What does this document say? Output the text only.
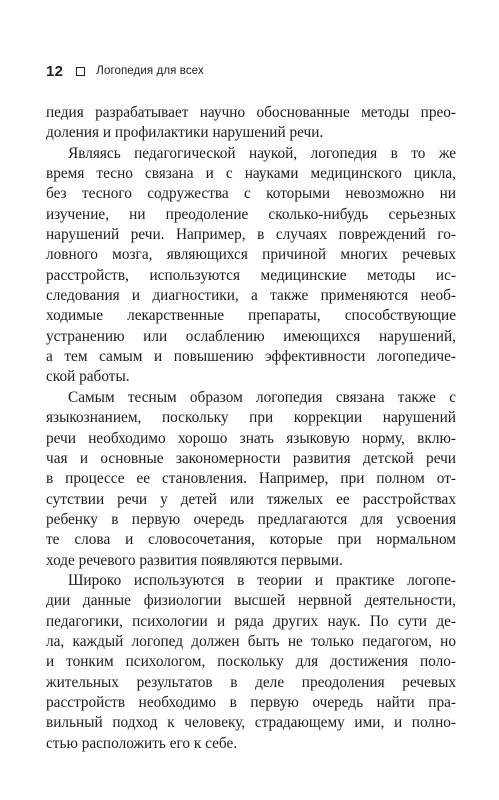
12	Логопедия для всех
педия разрабатывает научно обоснованные методы прео-
доления и профилактики нарушений речи.
Являясь педагогической наукой, логопедия в то же
время тесно связана и с науками медицинского цикла,
без тесного содружества с которыми невозможно ни
изучение, ни преодоление сколько-нибудь серьезных
нарушений речи. Например, в случаях повреждений го-
ловного мозга, являющихся причиной многих речевых
расстройств, используются медицинские методы ис-
следования и диагностики, а также применяются необ-
ходимые лекарственные препараты, способствующие
устранению или ослаблению имеющихся нарушений,
а тем самым и повышению эффективности логопедиче-
ской работы.
Самым тесным образом логопедия связана также с
языкознанием, поскольку при коррекции нарушений
речи необходимо хорошо знать языковую норму, вклю-
чая и основные закономерности развития детской речи
в процессе ее становления. Например, при полном от-
сутствии речи у детей или тяжелых ее расстройствах
ребенку в первую очередь предлагаются для усвоения
те слова и словосочетания, которые при нормальном
ходе речевого развития появляются первыми.
Широко используются в теории и практике логопе-
дии данные физиологии высшей нервной деятельности,
педагогики, психологии и ряда других наук. По сути де-
ла, каждый логопед должен быть не только педагогом, но
и тонким психологом, поскольку для достижения поло-
жительных результатов в деле преодоления речевых
расстройств необходимо в первую очередь найти пра-
вильный подход к человеку, страдающему ими, и полно-
стью расположить его к себе.
